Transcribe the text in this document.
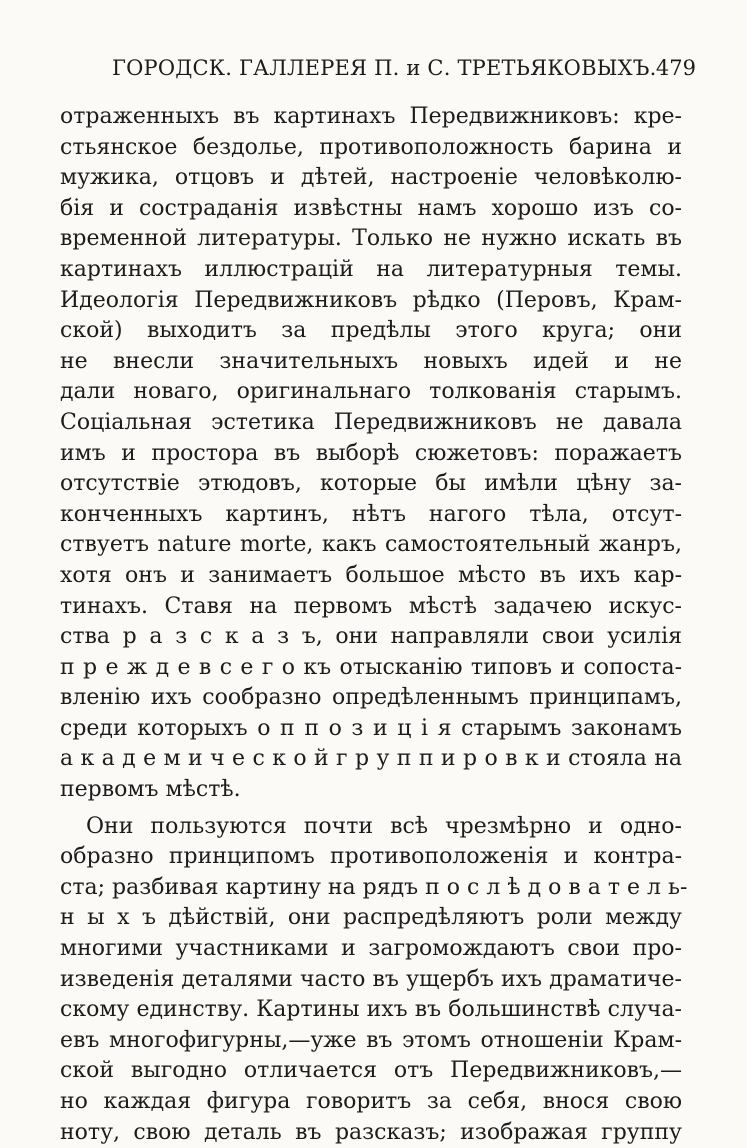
ГОРОДСК. ГАЛЛЕРЕЯ П. и С. ТРЕТЬЯКОВЫХЪ. 479
отраженныхъ въ картинахъ Передвижниковъ: кре-
стьянское бездолье, противоположность барина и
мужика, отцовъ и дѣтей, настроеніе человѣколю-
бія и состраданія извѣстны намъ хорошо изъ со-
временной литературы. Только не нужно искать въ
картинахъ иллюстрацій на литературныя темы.
Идеологія Передвижниковъ рѣдко (Перовъ, Крам-
ской) выходитъ за предѣлы этого круга; они
не внесли значительныхъ новыхъ идей и не
дали новаго, оригинальнаго толкованія старымъ.
Соціальная эстетика Передвижниковъ не давала
имъ и простора въ выборѣ сюжетовъ: поражаетъ
отсутствіе этюдовъ, которые бы имѣли цѣну за-
конченныхъ картинъ, нѣтъ нагого тѣла, отсут-
ствуетъ nature morte, какъ самостоятельный жанръ,
хотя онъ и занимаетъ большое мѣсто въ ихъ кар-
тинахъ. Ставя на первомъ мѣстѣ задачею искус-
ства р а з с к а з ъ, они направляли свои усилія
п р е ж д е в с е г о къ отысканію типовъ и сопоста-
вленію ихъ сообразно опредѣленнымъ принципамъ,
среди которыхъ о п п о з и ц і я старымъ законамъ
а к а д е м и ч е с к о й г р у п п и р о в к и стояла на
первомъ мѣстѣ.
Они пользуются почти всѣ чрезмѣрно и одно-
образно принципомъ противоположенія и контра-
ста; разбивая картину на рядъ п о с л ѣ д о в а т е л ь-
н ы х ъ дѣйствій, они распредѣляютъ роли между
многими участниками и загромождаютъ свои про-
изведенія деталями часто въ ущербъ ихъ драматиче-
скому единству. Картины ихъ въ большинствѣ случа-
евъ многофигурны,—уже въ этомъ отношеніи Крам-
ской выгодно отличается отъ Передвижниковъ,—
но каждая фигура говоритъ за себя, внося свою
ноту, свою деталь въ разсказъ; изображая группу
